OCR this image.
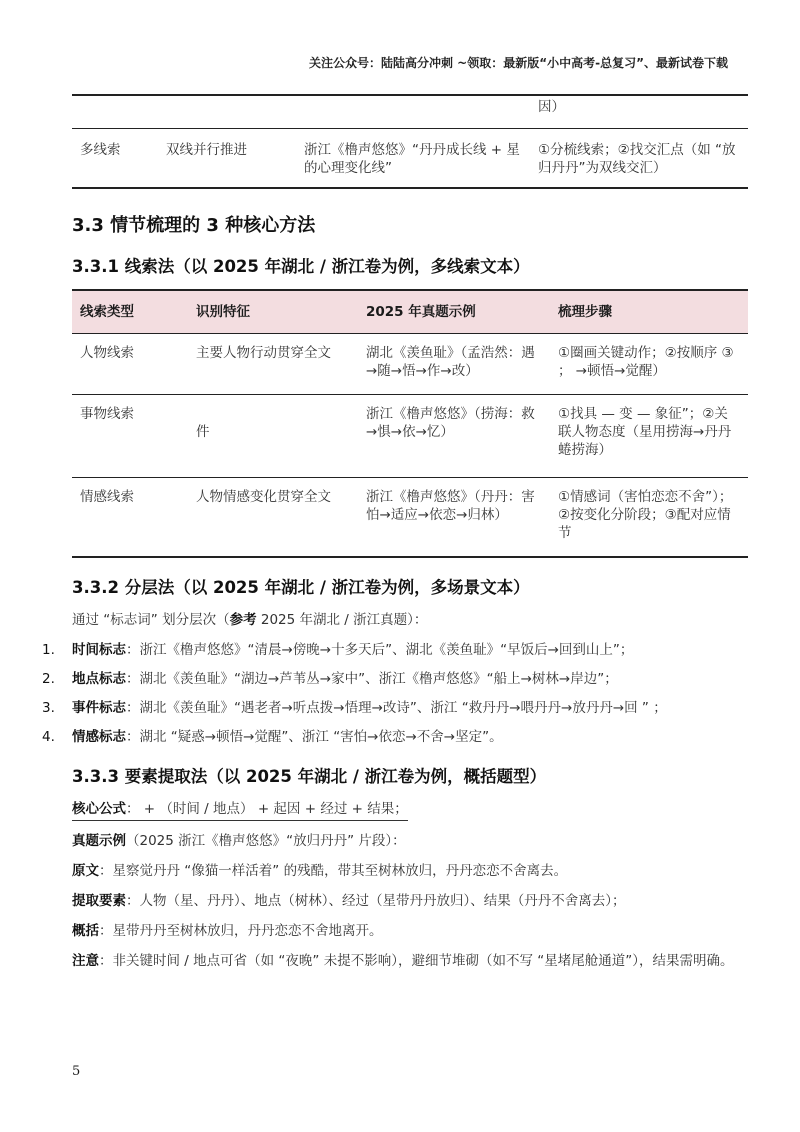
关注公众号：陆陆高分冲刺 ~领取：最新版“小中高考-总复习”、最新试卷下载
			因）
多线索	双线并行推进	浙江《橹声悠悠》“丹丹成长线 + 星的心理变化线”	①分梳线索；②找交汇点（如 “放归丹丹”为双线交汇）
3.3 情节梳理的 3 种核心方法
3.3.1 线索法（以 2025 年湖北 / 浙江卷为例，多线索文本）
线索类型	识别特征	2025 年真题示例	梳理步骤
人物线索	主要人物行动贯穿全文	湖北《羡鱼耻》（孟浩然：遇→随→悟→作→改）	①圈画关键动作；②按顺序 ③ ； →顿悟→觉醒）
事物线索	件	浙江《橹声悠悠》（捞海：救→惧→依→忆）	①找具 — 变 — 象征”；②关联人物态度（星用捞海→丹丹蜷捞海）
情感线索	人物情感变化贯穿全文	浙江《橹声悠悠》（丹丹：害怕→适应→依恋→归林）	①情感词（害怕恋恋不舍”）；②按变化分阶段；③配对应情节
3.3.2 分层法（以 2025 年湖北 / 浙江卷为例，多场景文本）

通过 “标志词” 划分层次（参考 2025 年湖北 / 浙江真题）：

1. 时间标志：浙江《橹声悠悠》“清晨→傍晚→十多天后”、湖北《羡鱼耻》“早饭后→回到山上”；
2. 地点标志：湖北《羡鱼耻》“湖边→芦苇丛→家中”、浙江《橹声悠悠》“船上→树林→岸边”；
3. 事件标志：湖北《羡鱼耻》“遇老者→听点拨→悟理→改诗”、浙江 “救丹丹→喂丹丹→放丹丹→回 ” ；
4. 情感标志：湖北 “疑惑→顿悟→觉醒”、浙江 “害怕→依恋→不舍→坚定”。
3.3.3 要素提取法（以 2025 年湖北 / 浙江卷为例，概括题型）

核心公式： + （时间 / 地点） + 起因 + 经过 + 结果；

真题示例（2025 浙江《橹声悠悠》“放归丹丹” 片段）：

原文：星察觉丹丹 “像猫一样活着” 的残酷，带其至树林放归，丹丹恋恋不舍离去。

提取要素：人物（星、丹丹）、地点（树林）、经过（星带丹丹放归）、结果（丹丹不舍离去）；

概括：星带丹丹至树林放归，丹丹恋恋不舍地离开。

注意：非关键时间 / 地点可省（如 “夜晚” 未提不影响），避细节堆砌（如不写 “星堵尾舱通道”），结果需明确。

5
